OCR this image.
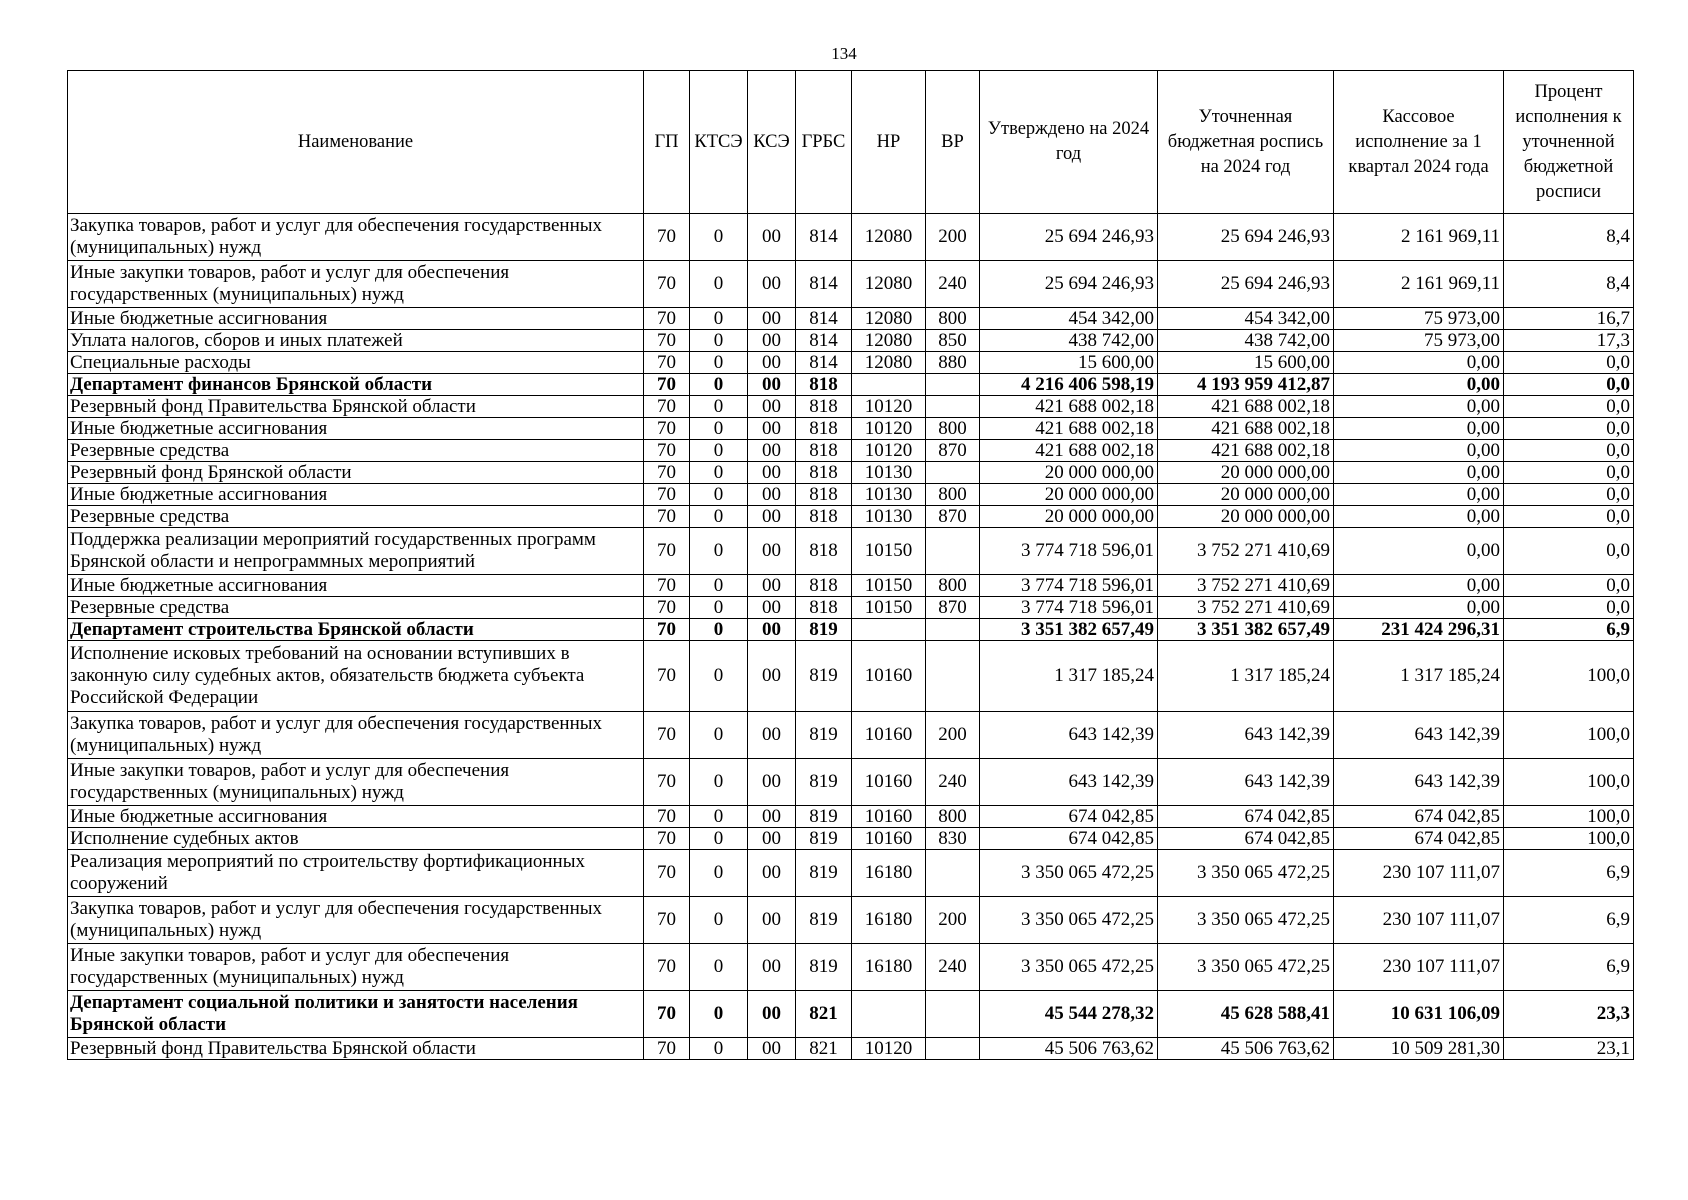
134
Наименование	ГП	КТСЭ	КСЭ	ГРБС	НР	ВР	Утверждено на 2024 год	Уточненная бюджетная роспись на 2024 год	Кассовое исполнение за 1 квартал 2024 года	Процент исполнения к уточненной бюджетной росписи
Закупка товаров, работ и услуг для обеспечения государственных (муниципальных) нужд	70	0	00	814	12080	200	25 694 246,93	25 694 246,93	2 161 969,11	8,4
Иные закупки товаров, работ и услуг для обеспечения государственных (муниципальных) нужд	70	0	00	814	12080	240	25 694 246,93	25 694 246,93	2 161 969,11	8,4
Иные бюджетные ассигнования	70	0	00	814	12080	800	454 342,00	454 342,00	75 973,00	16,7
Уплата налогов, сборов и иных платежей	70	0	00	814	12080	850	438 742,00	438 742,00	75 973,00	17,3
Специальные расходы	70	0	00	814	12080	880	15 600,00	15 600,00	0,00	0,0
Департамент финансов Брянской области	70	0	00	818			4 216 406 598,19	4 193 959 412,87	0,00	0,0
Резервный фонд Правительства Брянской области	70	0	00	818	10120		421 688 002,18	421 688 002,18	0,00	0,0
Иные бюджетные ассигнования	70	0	00	818	10120	800	421 688 002,18	421 688 002,18	0,00	0,0
Резервные средства	70	0	00	818	10120	870	421 688 002,18	421 688 002,18	0,00	0,0
Резервный фонд Брянской области	70	0	00	818	10130		20 000 000,00	20 000 000,00	0,00	0,0
Иные бюджетные ассигнования	70	0	00	818	10130	800	20 000 000,00	20 000 000,00	0,00	0,0
Резервные средства	70	0	00	818	10130	870	20 000 000,00	20 000 000,00	0,00	0,0
Поддержка реализации мероприятий государственных программ Брянской области и непрограммных мероприятий	70	0	00	818	10150		3 774 718 596,01	3 752 271 410,69	0,00	0,0
Иные бюджетные ассигнования	70	0	00	818	10150	800	3 774 718 596,01	3 752 271 410,69	0,00	0,0
Резервные средства	70	0	00	818	10150	870	3 774 718 596,01	3 752 271 410,69	0,00	0,0
Департамент строительства Брянской области	70	0	00	819			3 351 382 657,49	3 351 382 657,49	231 424 296,31	6,9
Исполнение исковых требований на основании вступивших в законную силу судебных актов, обязательств бюджета субъекта Российской Федерации	70	0	00	819	10160		1 317 185,24	1 317 185,24	1 317 185,24	100,0
Закупка товаров, работ и услуг для обеспечения государственных (муниципальных) нужд	70	0	00	819	10160	200	643 142,39	643 142,39	643 142,39	100,0
Иные закупки товаров, работ и услуг для обеспечения государственных (муниципальных) нужд	70	0	00	819	10160	240	643 142,39	643 142,39	643 142,39	100,0
Иные бюджетные ассигнования	70	0	00	819	10160	800	674 042,85	674 042,85	674 042,85	100,0
Исполнение судебных актов	70	0	00	819	10160	830	674 042,85	674 042,85	674 042,85	100,0
Реализация мероприятий по строительству фортификационных сооружений	70	0	00	819	16180		3 350 065 472,25	3 350 065 472,25	230 107 111,07	6,9
Закупка товаров, работ и услуг для обеспечения государственных (муниципальных) нужд	70	0	00	819	16180	200	3 350 065 472,25	3 350 065 472,25	230 107 111,07	6,9
Иные закупки товаров, работ и услуг для обеспечения государственных (муниципальных) нужд	70	0	00	819	16180	240	3 350 065 472,25	3 350 065 472,25	230 107 111,07	6,9
Департамент социальной политики и занятости населения Брянской области	70	0	00	821			45 544 278,32	45 628 588,41	10 631 106,09	23,3
Резервный фонд Правительства Брянской области	70	0	00	821	10120		45 506 763,62	45 506 763,62	10 509 281,30	23,1
